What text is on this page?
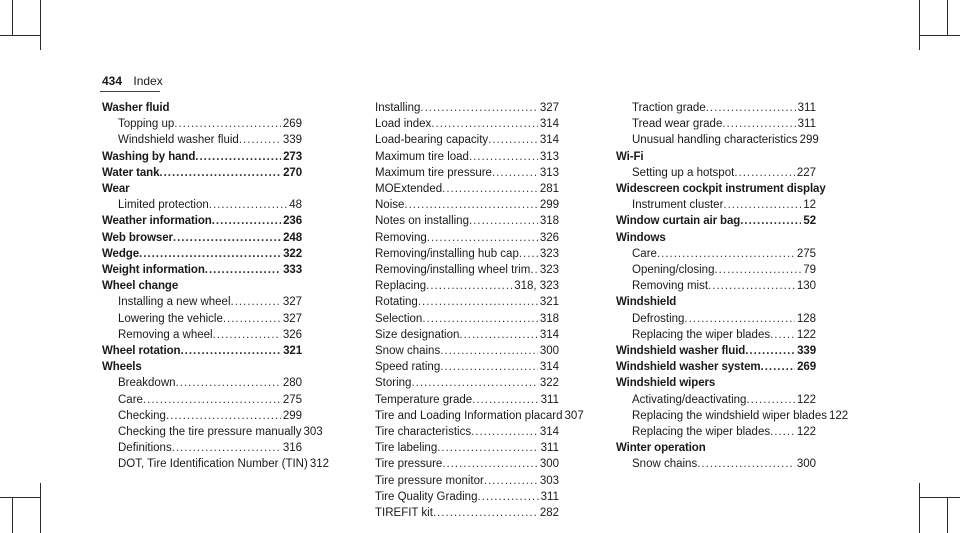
434 Index
Washer fluid
Topping up .....	269
Windshield washer fluid .....	339
Washing by hand .....	273
Water tank .....	270
Wear
Limited protection .....	48
Weather information .....	236
Web browser .....	248
Wedge .....	322
Weight information .....	333
Wheel change
Installing a new wheel .....	327
Lowering the vehicle .....	327
Removing a wheel .....	326
Wheel rotation .....	321
Wheels
Breakdown .....	280
Care .....	275
Checking .....	299
Checking the tire pressure manually 303
Definitions .....	316
DOT, Tire Identification Number (TIN) 312
Installing .....	327
Load index .....	314
Load-bearing capacity .....	314
Maximum tire load .....	313
Maximum tire pressure .....	313
MOExtended .....	281
Noise .....	299
Notes on installing .....	318
Removing .....	326
Removing/installing hub cap ..... 323
Removing/installing wheel trim ..... 323
Replacing .....	318, 323
Rotating .....	321
Selection .....	318
Size designation .....	314
Snow chains .....	300
Speed rating .....	314
Storing .....	322
Temperature grade .....	311
Tire and Loading Information placard 307
Tire characteristics .....	314
Tire labeling .....	311
Tire pressure .....	300
Tire pressure monitor .....	303
Tire Quality Grading .....	311
TIREFIT kit .....	282
Traction grade .....	311
Tread wear grade .....	311
Unusual handling characteristics 299
Wi-Fi
Setting up a hotspot .....	227
Widescreen cockpit instrument display
Instrument cluster .....	12
Window curtain air bag .....	52
Windows
Care .....	275
Opening/closing .....	79
Removing mist .....	130
Windshield
Defrosting .....	128
Replacing the wiper blades ..... 122
Windshield washer fluid .....	339
Windshield washer system .....	269
Windshield wipers
Activating/deactivating .....	122
Replacing the windshield wiper blades 122
Replacing the wiper blades ..... 122
Winter operation
Snow chains .....	300
